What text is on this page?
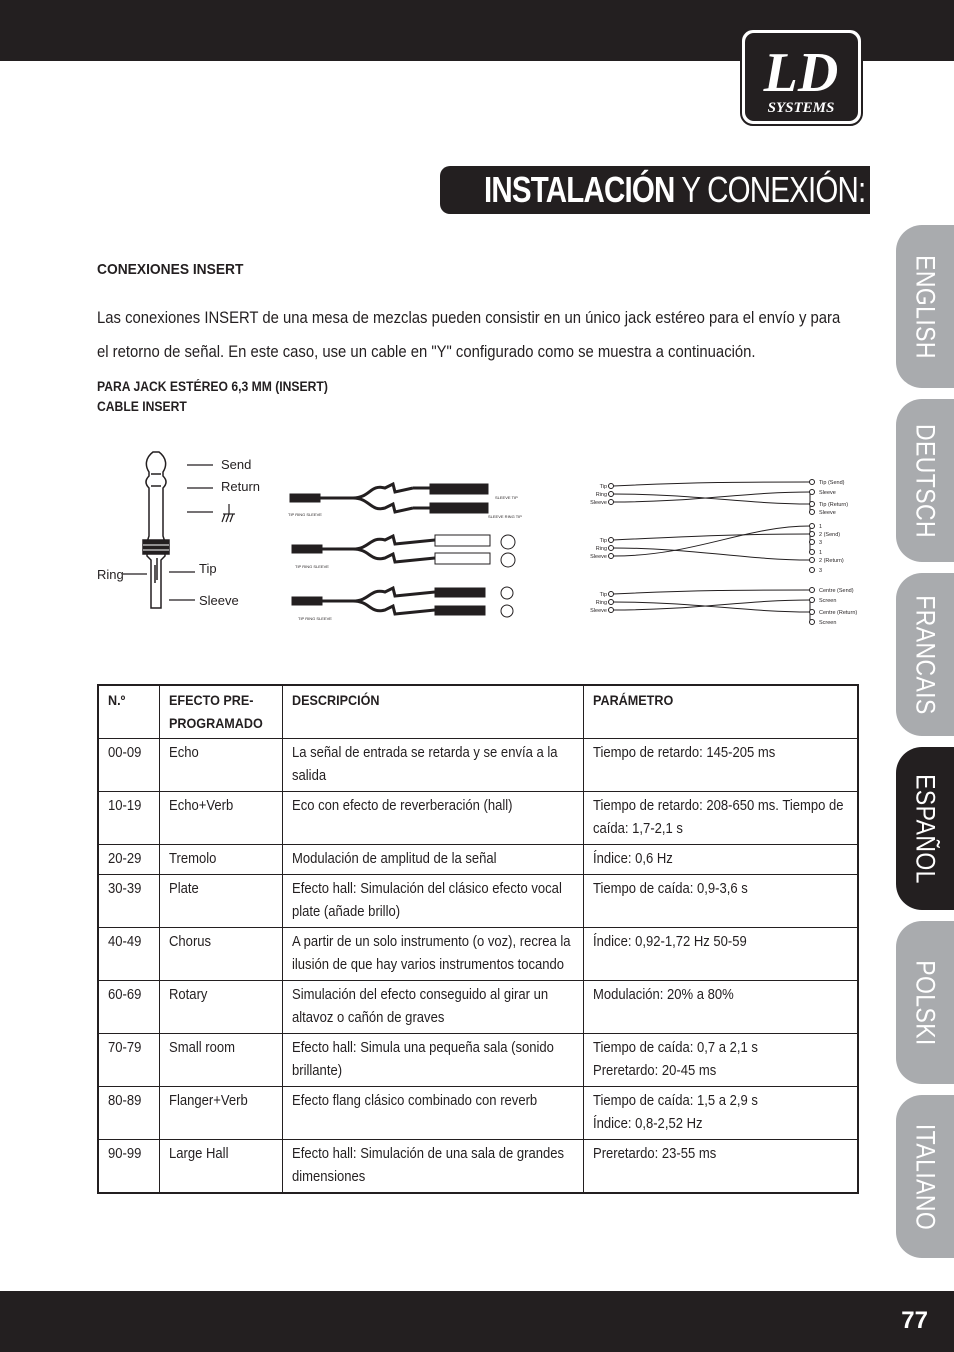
LD
SYSTEMS
INSTALACIÓN Y CONEXIÓN:
ENGLISH
DEUTSCH
FRANCAIS
ESPAÑOL
POLSKI
ITALIANO
CONEXIONES INSERT

Las conexiones INSERT de una mesa de mezclas pueden consistir en un único jack estéreo para el envío y para

el retorno de señal. En este caso, use un cable en "Y" configurado como se muestra a continuación.

PARA JACK ESTÉREO 6,3 MM (INSERT)
CABLE INSERT
Send
Return
Ring	Tip
Sleeve
TIP RING SLEEVE
SLEEVE TIP
SLEEVE RING TIP
TIP RING SLEEVE
TIP RING SLEEVE
Tip
Ring
Sleeve
Tip
Ring
Sleeve
Tip
Ring
Sleeve
Tip (Send)
Sleeve
Tip (Return)
Sleeve
1
2 (Send)
3
1
2 (Return)
3
Centre (Send)
Screen
Centre (Return)
Screen
N.º	EFECTO PRE-PROGRAMADO	DESCRIPCIÓN	PARÁMETRO
00-09	Echo	La señal de entrada se retarda y se envía a la salida	Tiempo de retardo: 145-205 ms
10-19	Echo+Verb	Eco con efecto de reverberación (hall)	Tiempo de retardo: 208-650 ms. Tiempo de caída: 1,7-2,1 s
20-29	Tremolo	Modulación de amplitud de la señal	Índice: 0,6 Hz
30-39	Plate	Efecto hall: Simulación del clásico efecto vocal plate (añade brillo)	Tiempo de caída: 0,9-3,6 s
40-49	Chorus	A partir de un solo instrumento (o voz), recrea la ilusión de que hay varios instrumentos tocando	Índice: 0,92-1,72 Hz 50-59
60-69	Rotary	Simulación del efecto conseguido al girar un altavoz o cañón de graves	Modulación: 20% a 80%
70-79	Small room	Efecto hall: Simula una pequeña sala (sonido brillante)	Tiempo de caída: 0,7 a 2,1 s
Preretardo: 20-45 ms
80-89	Flanger+Verb	Efecto flang clásico combinado con reverb	Tiempo de caída: 1,5 a 2,9 s
Índice: 0,8-2,52 Hz
90-99	Large Hall	Efecto hall: Simulación de una sala de grandes dimensiones	Preretardo: 23-55 ms
77
